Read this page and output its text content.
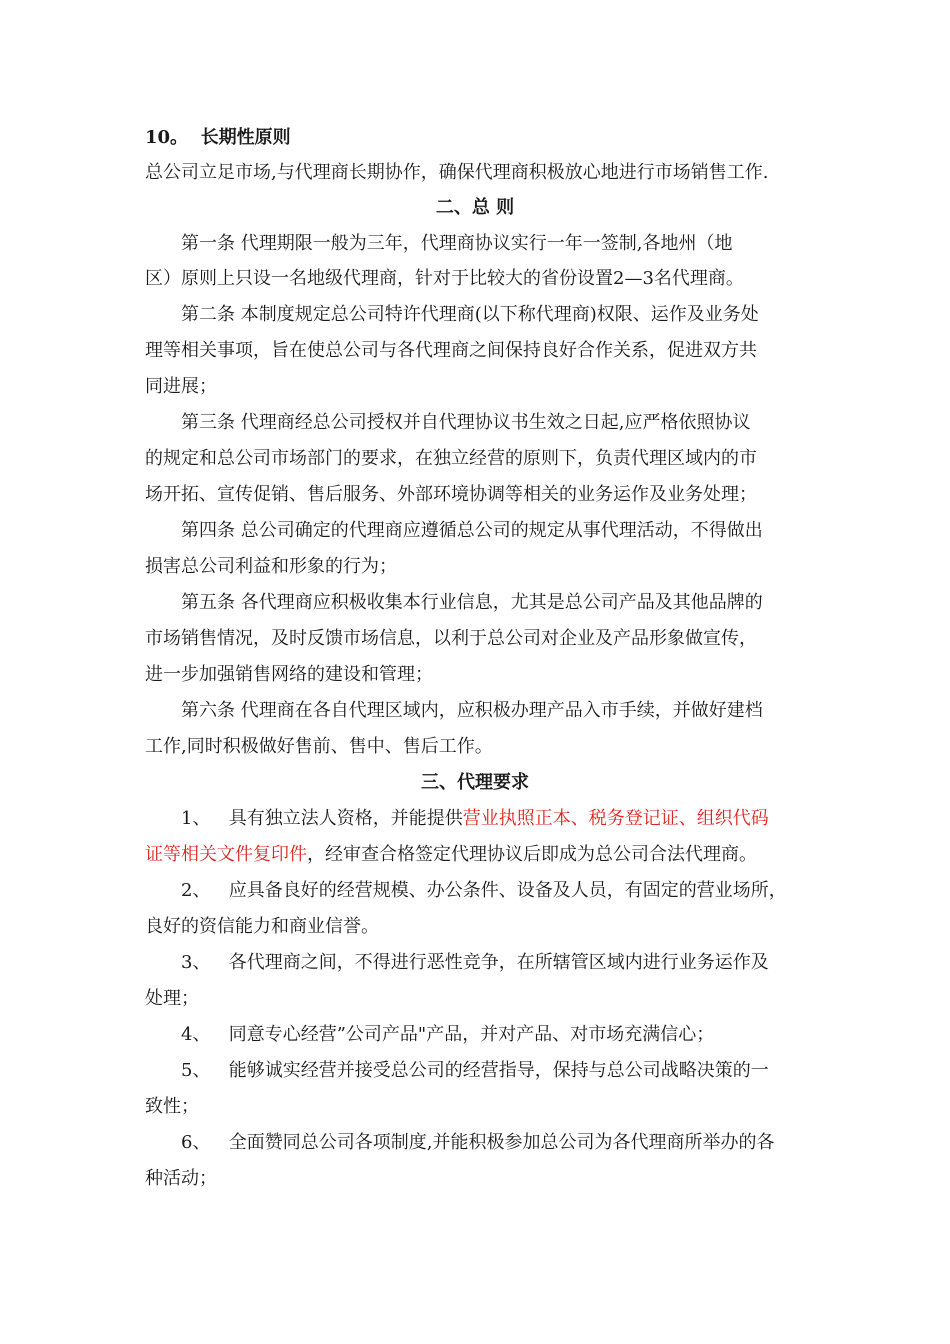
10。 长期性原则
总公司立足市场,与代理商长期协作，确保代理商积极放心地进行市场销售工作.
二、总 则
第一条 代理期限一般为三年，代理商协议实行一年一签制,各地州（地
区）原则上只设一名地级代理商，针对于比较大的省份设置2—3名代理商。
第二条 本制度规定总公司特许代理商(以下称代理商)权限、运作及业务处
理等相关事项，旨在使总公司与各代理商之间保持良好合作关系，促进双方共
同进展；
第三条 代理商经总公司授权并自代理协议书生效之日起,应严格依照协议
的规定和总公司市场部门的要求，在独立经营的原则下，负责代理区域内的市
场开拓、宣传促销、售后服务、外部环境协调等相关的业务运作及业务处理；
第四条 总公司确定的代理商应遵循总公司的规定从事代理活动，不得做出
损害总公司利益和形象的行为；
第五条 各代理商应积极收集本行业信息，尤其是总公司产品及其他品牌的
市场销售情况，及时反馈市场信息，以利于总公司对企业及产品形象做宣传，
进一步加强销售网络的建设和管理；
第六条 代理商在各自代理区域内，应积极办理产品入市手续，并做好建档
工作,同时积极做好售前、售中、售后工作。
三、代理要求
1、 具有独立法人资格，并能提供营业执照正本、税务登记证、组织代码
证等相关文件复印件，经审查合格签定代理协议后即成为总公司合法代理商。
2、 应具备良好的经营规模、办公条件、设备及人员，有固定的营业场所，
良好的资信能力和商业信誉。
3、 各代理商之间，不得进行恶性竞争，在所辖管区域内进行业务运作及
处理；
4、 同意专心经营”公司产品"产品，并对产品、对市场充满信心；
5、 能够诚实经营并接受总公司的经营指导，保持与总公司战略决策的一
致性；
6、 全面赞同总公司各项制度,并能积极参加总公司为各代理商所举办的各
种活动；
